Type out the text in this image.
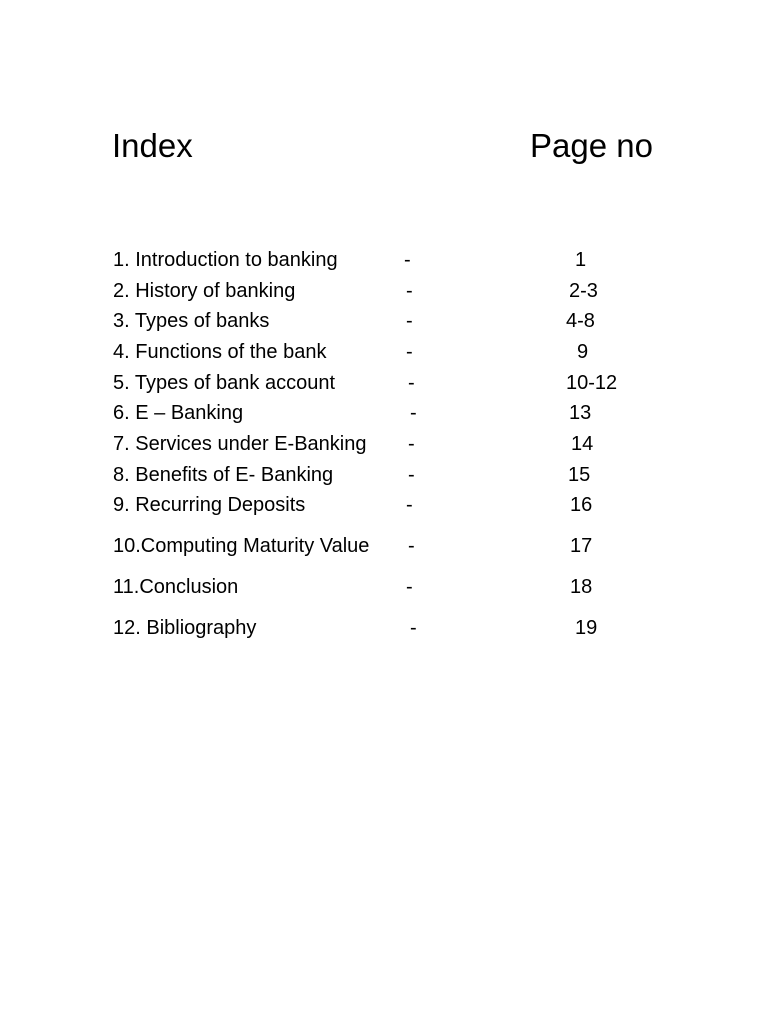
Index	Page no
1. Introduction to banking	-	1
2. History of banking	-	2-3
3. Types of banks	-	4-8
4. Functions of the bank	-	9
5. Types of bank account	-	10-12
6. E – Banking	-	13
7. Services under E-Banking -	14
8. Benefits of E- Banking	-	15
9. Recurring Deposits	-	16
10.Computing Maturity Value -	17
11.Conclusion	-	18
12. Bibliography	-	19
